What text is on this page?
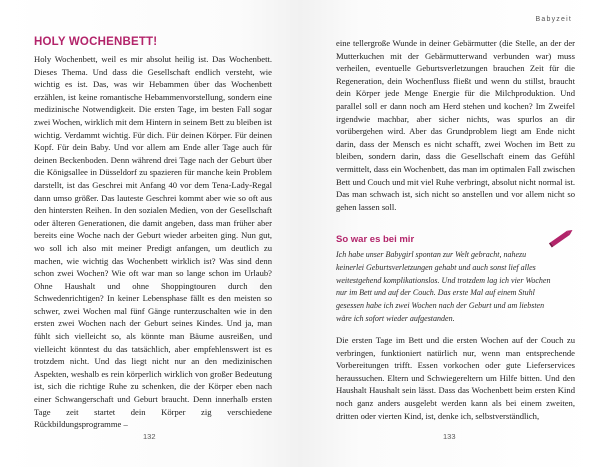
HOLY WOCHENBETT!

Holy Wochenbett, weil es mir absolut heilig ist. Das Wochenbett. Dieses Thema. Und dass die Gesellschaft endlich versteht, wie wichtig es ist. Das, was wir Hebammen über das Wochenbett erzählen, ist keine romantische Hebammenvorstellung, sondern eine medizinische Notwendigkeit. Die ersten Tage, im besten Fall sogar zwei Wochen, wirklich mit dem Hintern in seinem Bett zu bleiben ist wichtig. Verdammt wichtig. Für dich. Für deinen Körper. Für deinen Kopf. Für dein Baby. Und vor allem am Ende aller Tage auch für deinen Beckenboden. Denn während drei Tage nach der Geburt über die Königsallee in Düsseldorf zu spazieren für manche kein Problem darstellt, ist das Geschrei mit Anfang 40 vor dem Tena-Lady-Regal dann umso größer. Das lauteste Geschrei kommt aber wie so oft aus den hintersten Reihen. In den sozialen Medien, von der Gesellschaft oder älteren Generationen, die damit angeben, dass man früher aber bereits eine Woche nach der Geburt wieder arbeiten ging. Nun gut, wo soll ich also mit meiner Predigt anfangen, um deutlich zu machen, wie wichtig das Wochenbett wirklich ist? Was sind denn schon zwei Wochen? Wie oft war man so lange schon im Urlaub? Ohne Haushalt und ohne Shoppingtouren durch den Schwedenrichtigen? In keiner Lebensphase fällt es den meisten so schwer, zwei Wochen mal fünf Gänge runterzuschalten wie in den ersten zwei Wochen nach der Geburt seines Kindes. Und ja, man fühlt sich vielleicht so, als könnte man Bäume ausreißen, und vielleicht könntest du das tatsächlich, aber empfehlenswert ist es trotzdem nicht. Und das liegt nicht nur an den medizinischen Aspekten, weshalb es rein körperlich wirklich von großer Bedeutung ist, sich die richtige Ruhe zu schenken, die der Körper eben nach einer Schwangerschaft und Geburt braucht. Denn innerhalb ersten Tage zeit startet dein Körper zig verschiedene Rückbildungsprogramme –

132
Babyzeit

eine tellergroße Wunde in deiner Gebärmutter (die Stelle, an der der Mutterkuchen mit der Gebärmutterwand verbunden war) muss verheilen, eventuelle Geburtsverletzungen brauchen Zeit für die Regeneration, dein Wochenfluss fließt und wenn du stillst, braucht dein Körper jede Menge Energie für die Milchproduktion. Und parallel soll er dann noch am Herd stehen und kochen? Im Zweifel irgendwie machbar, aber sicher nichts, was spurlos an dir vorübergehen wird. Aber das Grundproblem liegt am Ende nicht darin, dass der Mensch es nicht schafft, zwei Wochen im Bett zu bleiben, sondern darin, dass die Gesellschaft einem das Gefühl vermittelt, dass ein Wochenbett, das man im optimalen Fall zwischen Bett und Couch und mit viel Ruhe verbringt, absolut nicht normal ist. Das man schwach ist, sich nicht so anstellen und vor allem nicht so gehen lassen soll.

So war es bei mir

Ich habe unser Babygirl spontan zur Welt gebracht, nahezu keinerlei Geburtsverletzungen gehabt und auch sonst lief alles weitestgehend komplikationslos. Und trotzdem lag ich vier Wochen nur im Bett und auf der Couch. Das erste Mal auf einem Stuhl gesessen habe ich zwei Wochen nach der Geburt und am liebsten wäre ich sofort wieder aufgestanden.

Die ersten Tage im Bett und die ersten Wochen auf der Couch zu verbringen, funktioniert natürlich nur, wenn man entsprechende Vorbereitungen trifft. Essen vorkochen oder gute Lieferservices heraussuchen. Eltern und Schwiegereltern um Hilfe bitten. Und den Haushalt Haushalt sein lässt. Dass das Wochenbett beim ersten Kind noch ganz anders ausgelebt werden kann als bei einem zweiten, dritten oder vierten Kind, ist, denke ich, selbstverständlich,

133
